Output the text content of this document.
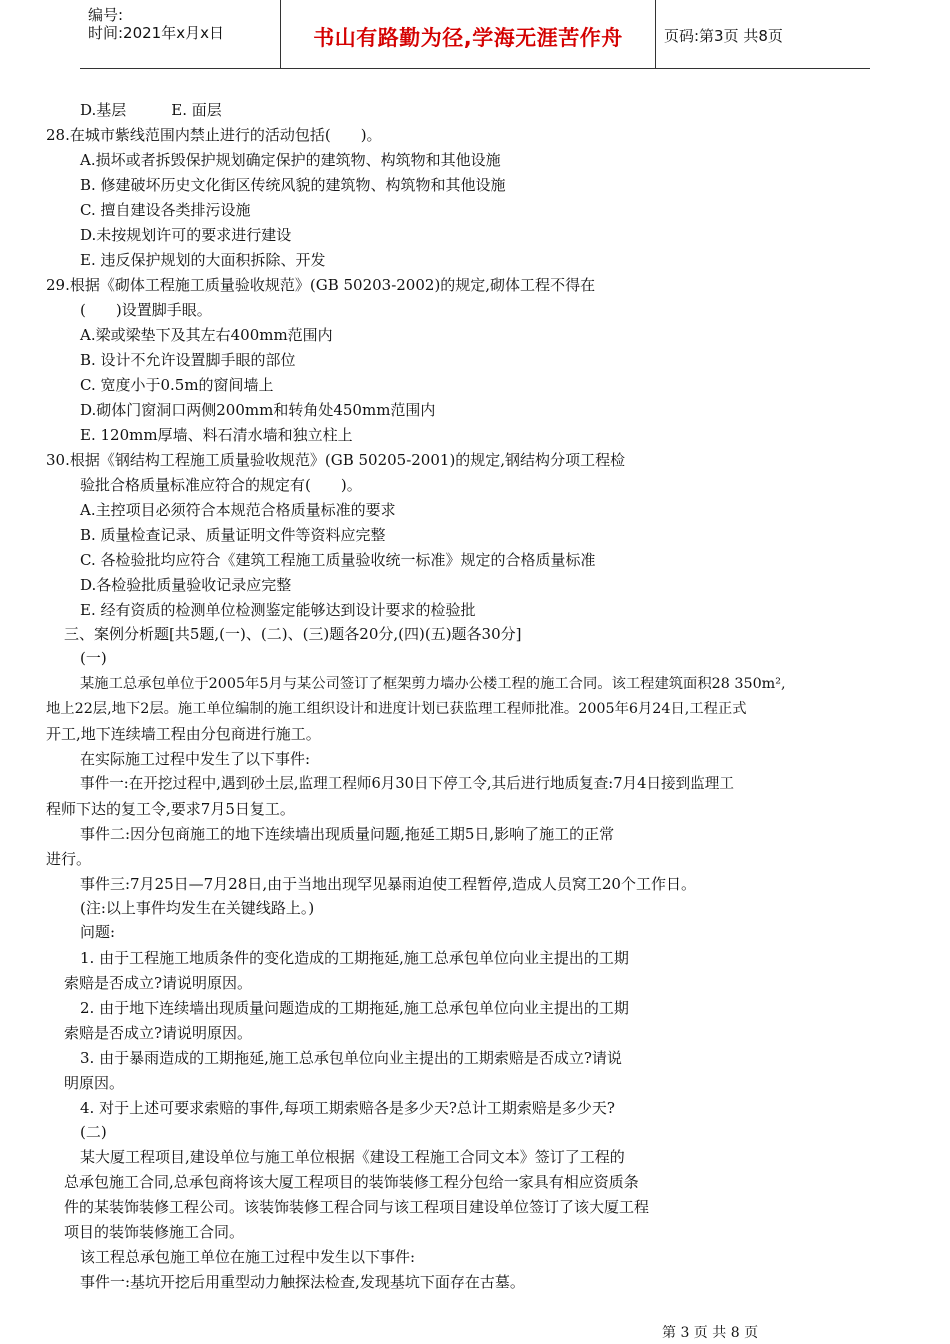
编号:
时间:2021年x月x日	书山有路勤为径,学海无涯苦作舟	页码:第3页 共8页
D.基层　　　E. 面层
28.在城市紫线范围内禁止进行的活动包括(　　)。
A.损坏或者拆毁保护规划确定保护的建筑物、构筑物和其他设施
B. 修建破坏历史文化街区传统风貌的建筑物、构筑物和其他设施
C. 擅自建设各类排污设施
D.未按规划许可的要求进行建设
E. 违反保护规划的大面积拆除、开发
29.根据《砌体工程施工质量验收规范》(GB 50203-2002)的规定,砌体工程不得在
(　　)设置脚手眼。
A.梁或梁垫下及其左右400mm范围内
B. 设计不允许设置脚手眼的部位
C. 宽度小于0.5m的窗间墙上
D.砌体门窗洞口两侧200mm和转角处450mm范围内
E. 120mm厚墙、料石清水墙和独立柱上
30.根据《钢结构工程施工质量验收规范》(GB 50205-2001)的规定,钢结构分项工程检
验批合格质量标准应符合的规定有(　　)。
A.主控项目必须符合本规范合格质量标准的要求
B. 质量检查记录、质量证明文件等资料应完整
C. 各检验批均应符合《建筑工程施工质量验收统一标准》规定的合格质量标准
D.各检验批质量验收记录应完整
E. 经有资质的检测单位检测鉴定能够达到设计要求的检验批
三、案例分析题[共5题,(一)、(二)、(三)题各20分,(四)(五)题各30分]
(一)
某施工总承包单位于2005年5月与某公司签订了框架剪力墙办公楼工程的施工合同。该工程建筑面积28 350m²,
地上22层,地下2层。施工单位编制的施工组织设计和进度计划已获监理工程师批准。2005年6月24日,工程正式
开工,地下连续墙工程由分包商进行施工。
在实际施工过程中发生了以下事件:
事件一:在开挖过程中,遇到砂土层,监理工程师6月30日下停工令,其后进行地质复查:7月4日接到监理工
程师下达的复工令,要求7月5日复工。
事件二:因分包商施工的地下连续墙出现质量问题,拖延工期5日,影响了施工的正常
进行。
事件三:7月25日—7月28日,由于当地出现罕见暴雨迫使工程暂停,造成人员窝工20个工作日。
(注:以上事件均发生在关键线路上。)
问题:
1. 由于工程施工地质条件的变化造成的工期拖延,施工总承包单位向业主提出的工期
索赔是否成立?请说明原因。
2. 由于地下连续墙出现质量问题造成的工期拖延,施工总承包单位向业主提出的工期
索赔是否成立?请说明原因。
3. 由于暴雨造成的工期拖延,施工总承包单位向业主提出的工期索赔是否成立?请说
明原因。
4. 对于上述可要求索赔的事件,每项工期索赔各是多少天?总计工期索赔是多少天?
(二)
某大厦工程项目,建设单位与施工单位根据《建设工程施工合同文本》签订了工程的
总承包施工合同,总承包商将该大厦工程项目的装饰装修工程分包给一家具有相应资质条
件的某装饰装修工程公司。该装饰装修工程合同与该工程项目建设单位签订了该大厦工程
项目的装饰装修施工合同。
该工程总承包施工单位在施工过程中发生以下事件:
事件一:基坑开挖后用重型动力触探法检查,发现基坑下面存在古墓。
第 3 页 共 8 页
